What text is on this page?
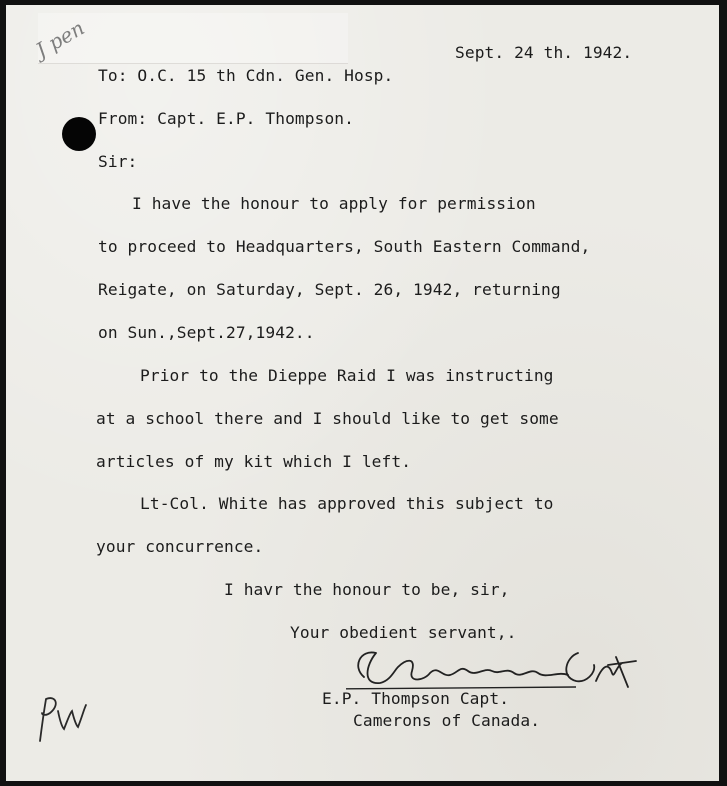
J pen	Sept. 24 th. 1942.

To: O.C. 15 th Cdn. Gen. Hosp.

From: Capt. E.P. Thompson.

Sir:

I have the honour to apply for permission

to proceed to Headquarters, South Eastern Command,

Reigate, on Saturday, Sept. 26, 1942, returning

on Sun.,Sept.27,1942..

Prior to the Dieppe Raid I was instructing

at a school there and I should like to get some

articles of my kit which I left.

Lt-Col. White has approved this subject to

your concurrence.

I havr the honour to be, sir,

Your obedient servant,.

E.P. Thompson Capt.

Camerons of Canada.
